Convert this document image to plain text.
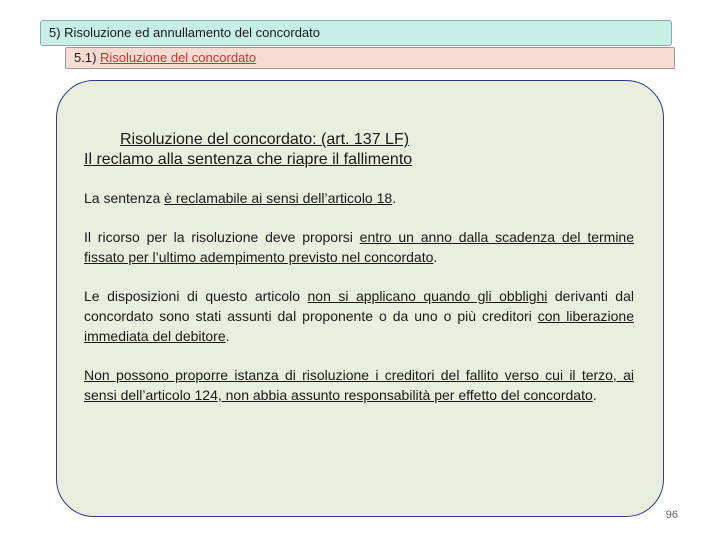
5) Risoluzione ed annullamento del concordato
5.1) Risoluzione del concordato
Risoluzione del concordato: (art. 137 LF)
Il reclamo alla sentenza che riapre il fallimento

La sentenza è reclamabile ai sensi dell’articolo 18.

Il ricorso per la risoluzione deve proporsi entro un anno dalla scadenza del termine fissato per l’ultimo adempimento previsto nel concordato.

Le disposizioni di questo articolo non si applicano quando gli obblighi derivanti dal concordato sono stati assunti dal proponente o da uno o più creditori con liberazione immediata del debitore.

Non possono proporre istanza di risoluzione i creditori del fallito verso cui il terzo, ai sensi dell’articolo 124, non abbia assunto responsabilità per effetto del concordato.

96
